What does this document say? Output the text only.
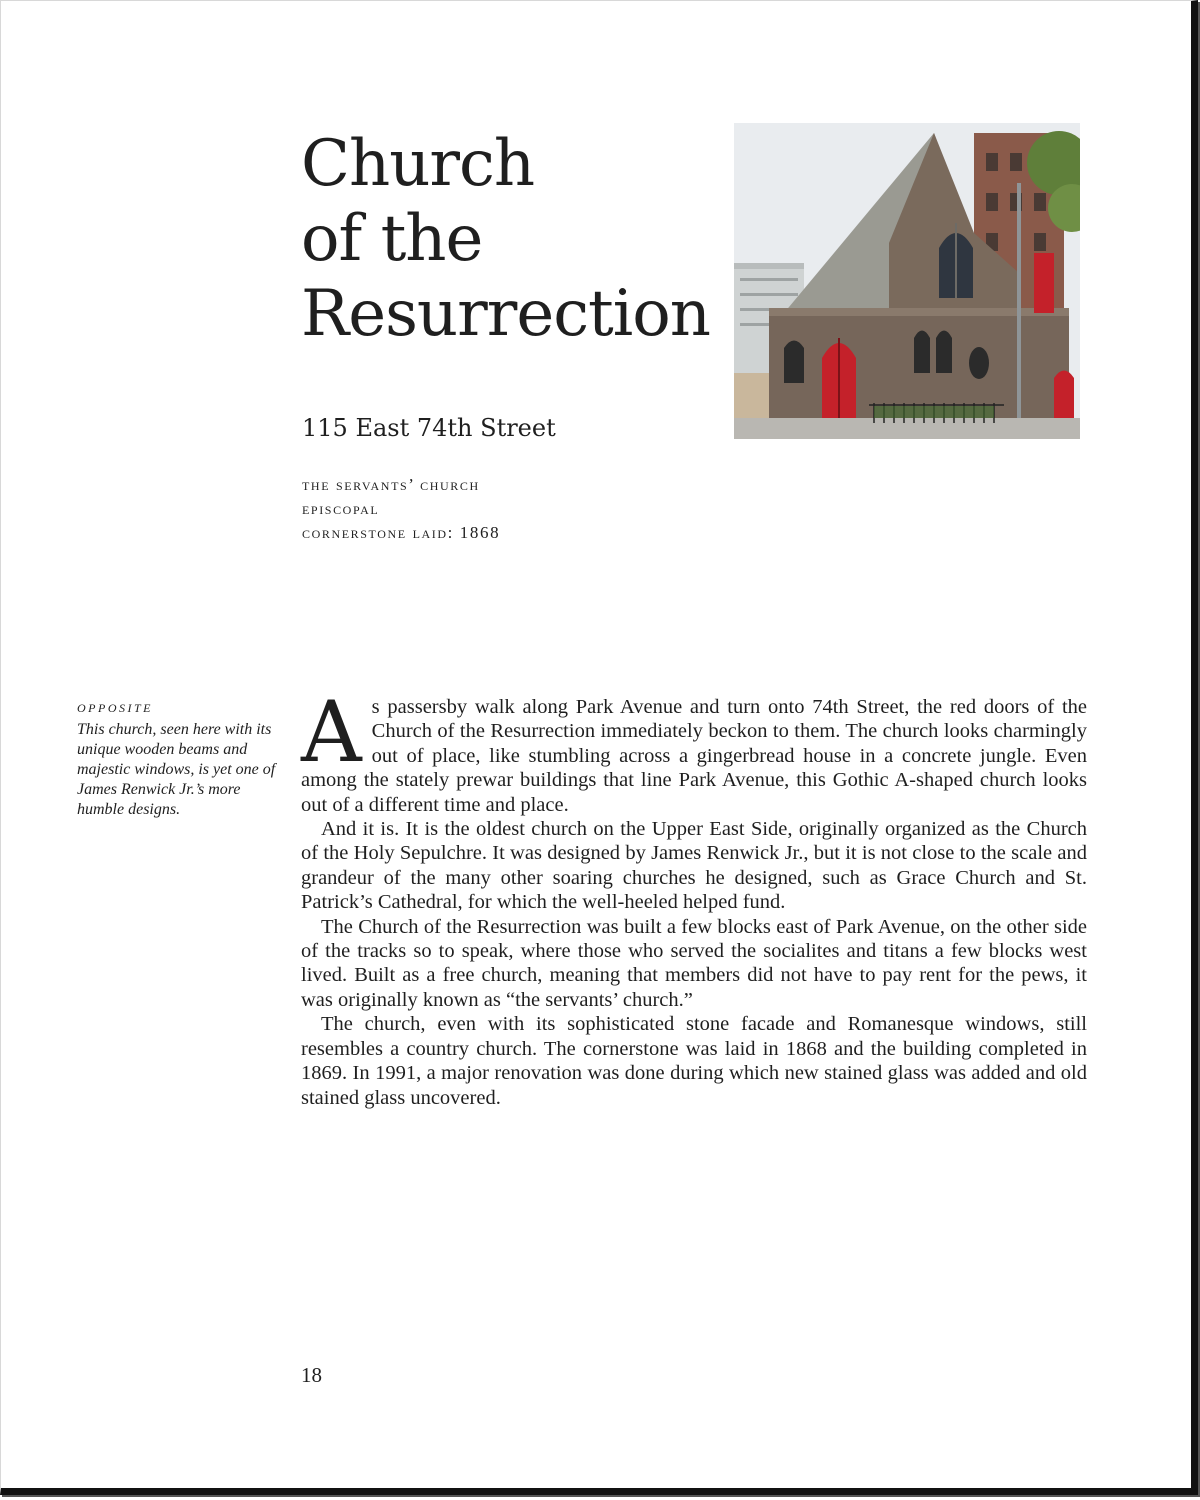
Church
of the
Resurrection
115 East 74th Street
the servants’ church
episcopal
cornerstone laid: 1868
OPPOSITE
This church, seen here with its unique wooden beams and majestic windows, is yet one of James Renwick Jr.’s more humble designs.

As passersby walk along Park Avenue and turn onto 74th Street, the red doors of the Church of the Resurrection immediately beckon to them. The church looks charmingly out of place, like stumbling across a gingerbread house in a concrete jungle. Even among the stately prewar buildings that line Park Avenue, this Gothic A-shaped church looks out of a different time and place.

And it is. It is the oldest church on the Upper East Side, originally organized as the Church of the Holy Sepulchre. It was designed by James Renwick Jr., but it is not close to the scale and grandeur of the many other soaring churches he designed, such as Grace Church and St. Patrick’s Cathedral, for which the well-heeled helped fund.

The Church of the Resurrection was built a few blocks east of Park Avenue, on the other side of the tracks so to speak, where those who served the socialites and titans a few blocks west lived. Built as a free church, meaning that members did not have to pay rent for the pews, it was originally known as “the servants’ church.”

The church, even with its sophisticated stone facade and Romanesque windows, still resembles a country church. The cornerstone was laid in 1868 and the building completed in 1869. In 1991, a major renovation was done during which new stained glass was added and old stained glass uncovered.

18
